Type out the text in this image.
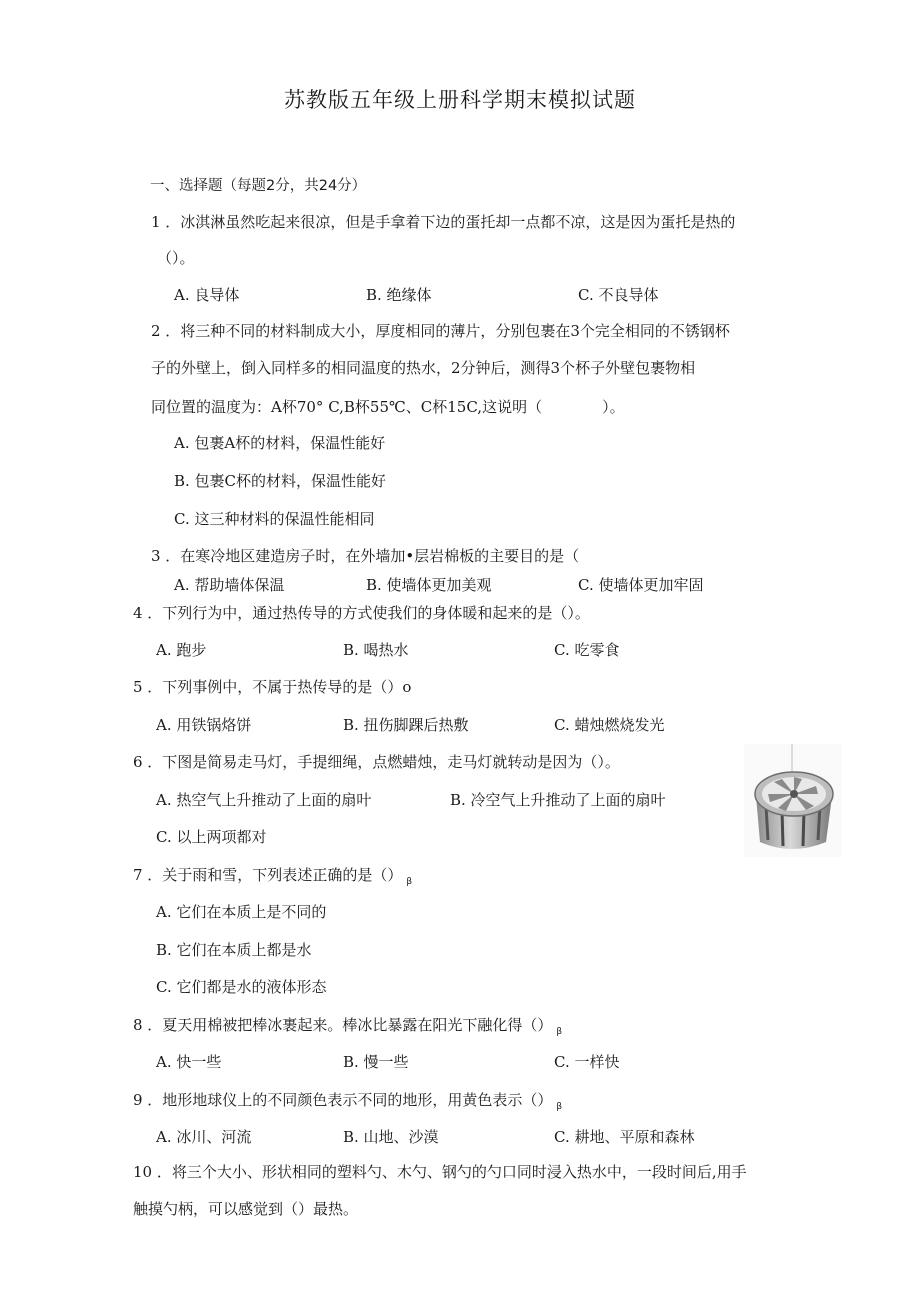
苏教版五年级上册科学期末模拟试题
一、选择题（每题2分，共24分）
1 ．冰淇淋虽然吃起来很凉，但是手拿着下边的蛋托却一点都不凉，这是因为蛋托是热的
（）。
A. 良导体	B. 绝缘体	C. 不良导体
2 ．将三种不同的材料制成大小，厚度相同的薄片，分别包裹在3个完全相同的不锈钢杯
子的外壁上，倒入同样多的相同温度的热水，2分钟后，测得3个杯子外壁包裹物相
同位置的温度为：A杯70° C,B杯55℃、C杯15C,这说明（　　　　）。
A. 包裹A杯的材料，保温性能好
B. 包裹C杯的材料，保温性能好
C. 这三种材料的保温性能相同
3 ．在寒冷地区建造房子时，在外墙加•层岩棉板的主要目的是（
A. 帮助墙体保温	B. 使墙体更加美观	C. 使墙体更加牢固
4 ．下列行为中，通过热传导的方式使我们的身体暖和起来的是（）。
A. 跑步	B. 喝热水	C. 吃零食
5 ．下列事例中，不属于热传导的是（）o
A. 用铁锅烙饼	B. 扭伤脚踝后热敷	C. 蜡烛燃烧发光
6 ．下图是简易走马灯，手提细绳，点燃蜡烛，走马灯就转动是因为（）。
A. 热空气上升推动了上面的扇叶	B. 冷空气上升推动了上面的扇叶
C. 以上两项都对
7 ．关于雨和雪，下列表述正确的是（） $_\beta$
A. 它们在本质上是不同的
B. 它们在本质上都是水
C. 它们都是水的液体形态
8 ．夏天用棉被把棒冰裹起来。棒冰比暴露在阳光下融化得（） $_\beta$
A. 快一些	B. 慢一些	C. 一样快
9 ．地形地球仪上的不同颜色表示不同的地形，用黄色表示（） $_\beta$
A. 冰川、河流	B. 山地、沙漠	C. 耕地、平原和森林
10 ．将三个大小、形状相同的塑料勺、木勺、钢勺的勺口同时浸入热水中，一段时间后,用手
触摸勺柄，可以感觉到（）最热。
